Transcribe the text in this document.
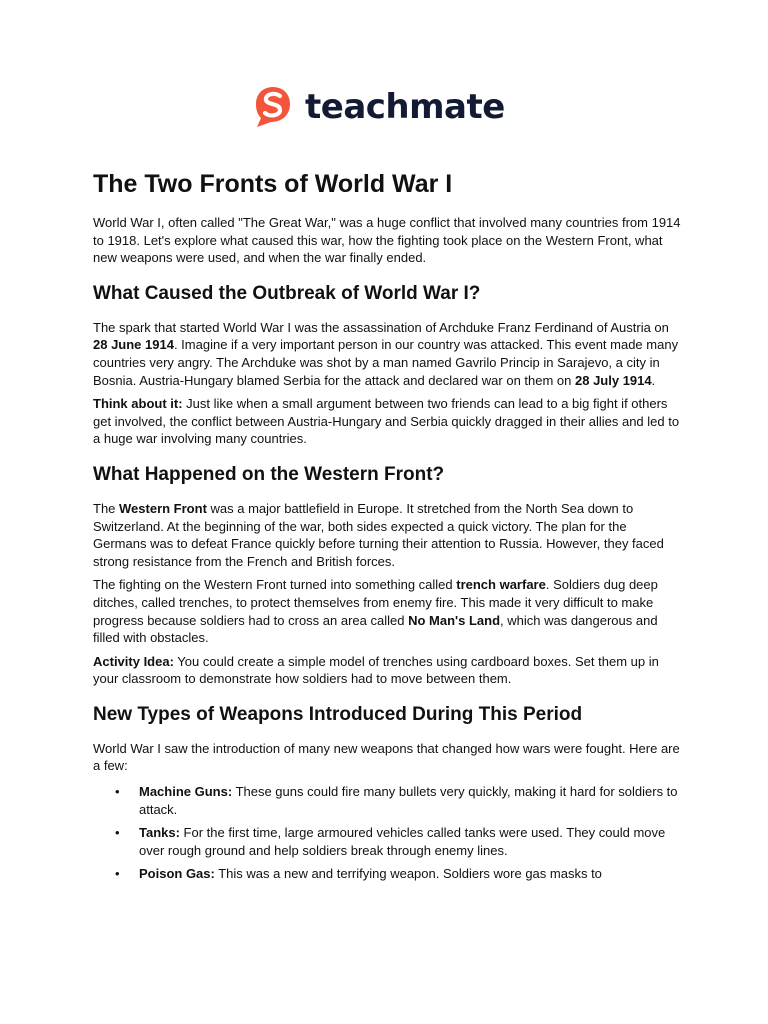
teachmate
The Two Fronts of World War I

World War I, often called "The Great War," was a huge conflict that involved many countries from 1914 to 1918. Let's explore what caused this war, how the fighting took place on the Western Front, what new weapons were used, and when the war finally ended.

What Caused the Outbreak of World War I?

The spark that started World War I was the assassination of Archduke Franz Ferdinand of Austria on 28 June 1914. Imagine if a very important person in our country was attacked. This event made many countries very angry. The Archduke was shot by a man named Gavrilo Princip in Sarajevo, a city in Bosnia. Austria-Hungary blamed Serbia for the attack and declared war on them on 28 July 1914.

Think about it: Just like when a small argument between two friends can lead to a big fight if others get involved, the conflict between Austria-Hungary and Serbia quickly dragged in their allies and led to a huge war involving many countries.

What Happened on the Western Front?

The Western Front was a major battlefield in Europe. It stretched from the North Sea down to Switzerland. At the beginning of the war, both sides expected a quick victory. The plan for the Germans was to defeat France quickly before turning their attention to Russia. However, they faced strong resistance from the French and British forces.

The fighting on the Western Front turned into something called trench warfare. Soldiers dug deep ditches, called trenches, to protect themselves from enemy fire. This made it very difficult to make progress because soldiers had to cross an area called No Man's Land, which was dangerous and filled with obstacles.

Activity Idea: You could create a simple model of trenches using cardboard boxes. Set them up in your classroom to demonstrate how soldiers had to move between them.

New Types of Weapons Introduced During This Period

World War I saw the introduction of many new weapons that changed how wars were fought. Here are a few:

• Machine Guns: These guns could fire many bullets very quickly, making it hard for soldiers to attack.
• Tanks: For the first time, large armoured vehicles called tanks were used. They could move over rough ground and help soldiers break through enemy lines.
• Poison Gas: This was a new and terrifying weapon. Soldiers wore gas masks to
